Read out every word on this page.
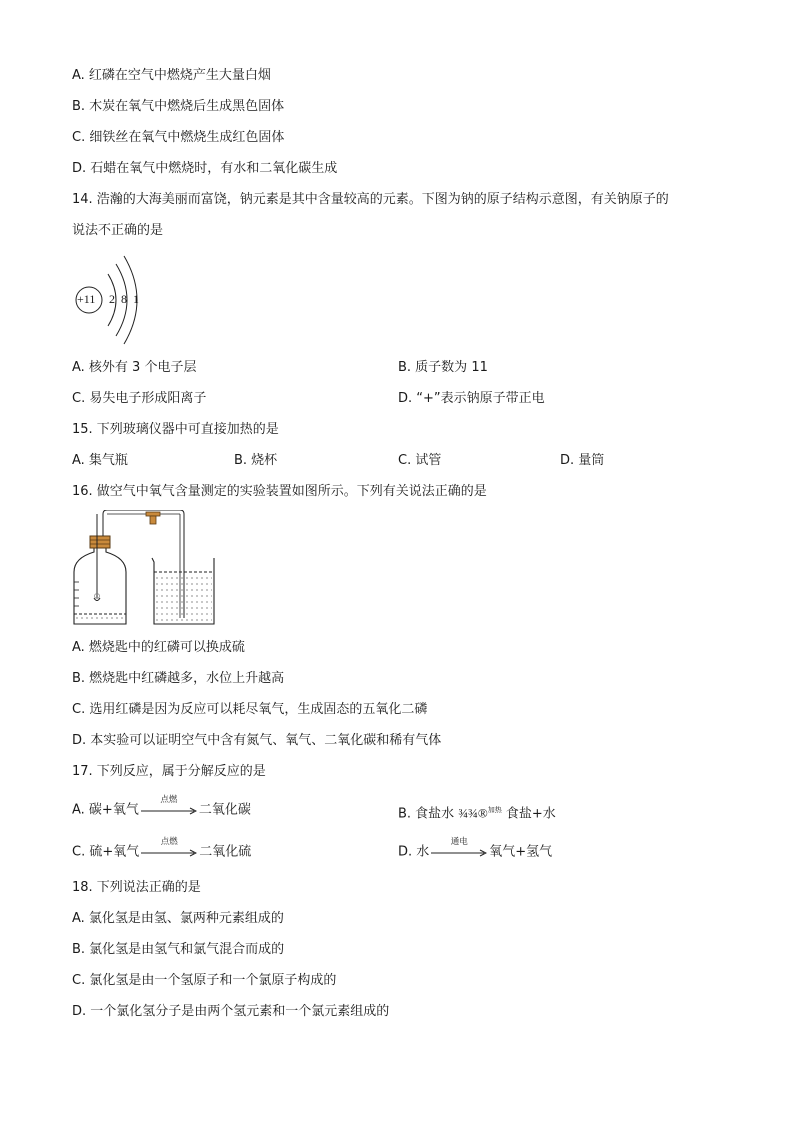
A. 红磷在空气中燃烧产生大量白烟
B. 木炭在氧气中燃烧后生成黑色固体
C. 细铁丝在氧气中燃烧生成红色固体
D. 石蜡在氧气中燃烧时，有水和二氧化碳生成
14. 浩瀚的大海美丽而富饶，钠元素是其中含量较高的元素。下图为钠的原子结构示意图，有关钠原子的
说法不正确的是
+11 2 8 1
A. 核外有 3 个电子层	B. 质子数为 11
C. 易失电子形成阳离子	D. “+”表示钠原子带正电
15. 下列玻璃仪器中可直接加热的是
A. 集气瓶	B. 烧杯	C. 试管	D. 量筒
16. 做空气中氧气含量测定的实验装置如图所示。下列有关说法正确的是
A. 燃烧匙中的红磷可以换成硫
B. 燃烧匙中红磷越多，水位上升越高
C. 选用红磷是因为反应可以耗尽氧气，生成固态的五氧化二磷
D. 本实验可以证明空气中含有氮气、氧气、二氧化碳和稀有气体
17. 下列反应，属于分解反应的是
A. 碳+氧气
点燃
二氧化碳	B. 食盐水 ¾¾®$^{加热}$ 食盐+水
C. 硫+氧气
点燃
二氧化硫	D. 水
通电
氧气+氢气
18. 下列说法正确的是
A. 氯化氢是由氢、氯两种元素组成的
B. 氯化氢是由氢气和氯气混合而成的
C. 氯化氢是由一个氢原子和一个氯原子构成的
D. 一个氯化氢分子是由两个氢元素和一个氯元素组成的
